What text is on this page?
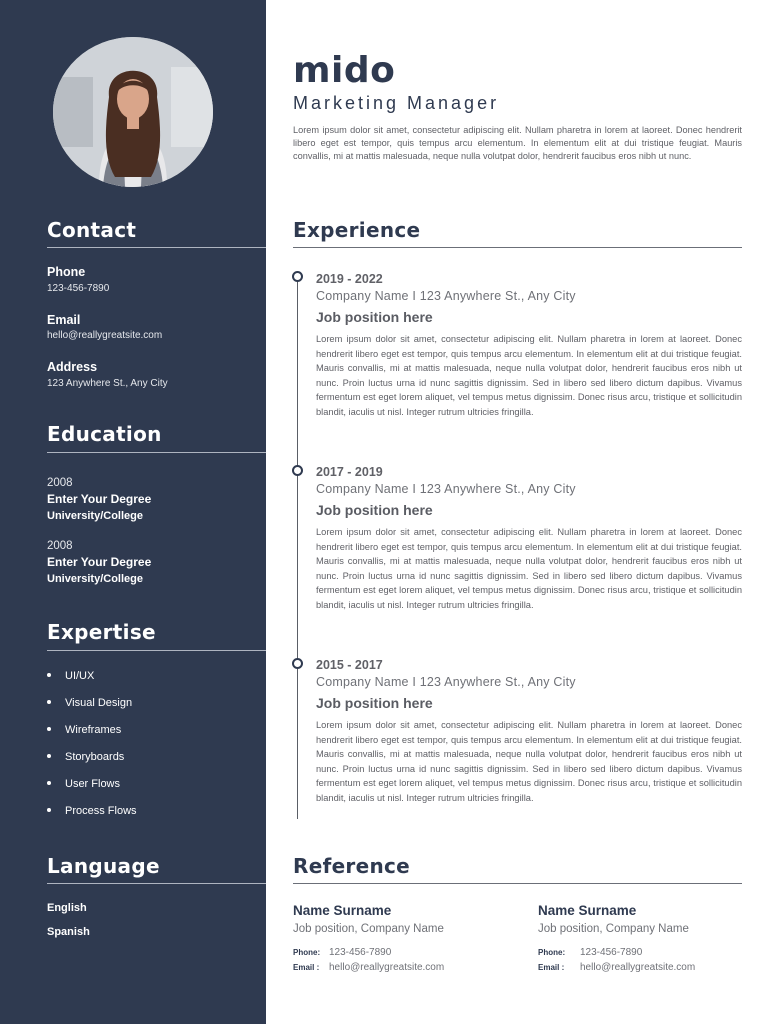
Contact
Phone
123-456-7890
Email
hello@reallygreatsite.com
Address
123 Anywhere St., Any City
Education
2008
Enter Your Degree
University/College
2008
Enter Your Degree
University/College
Expertise
UI/UX
Visual Design
Wireframes
Storyboards
User Flows
Process Flows
Language
English
Spanish
mido
Marketing Manager
Lorem ipsum dolor sit amet, consectetur adipiscing elit. Nullam pharetra in lorem at laoreet. Donec hendrerit libero eget est tempor, quis tempus arcu elementum. In elementum elit at dui tristique feugiat. Mauris convallis, mi at mattis malesuada, neque nulla volutpat dolor, hendrerit faucibus eros nibh ut nunc.
Experience
2019 - 2022
Company Name I 123 Anywhere St., Any City
Job position here
Lorem ipsum dolor sit amet, consectetur adipiscing elit. Nullam pharetra in lorem at laoreet. Donec hendrerit libero eget est tempor, quis tempus arcu elementum. In elementum elit at dui tristique feugiat. Mauris convallis, mi at mattis malesuada, neque nulla volutpat dolor, hendrerit faucibus eros nibh ut nunc. Proin luctus urna id nunc sagittis dignissim. Sed in libero sed libero dictum dapibus. Vivamus fermentum est eget lorem aliquet, vel tempus metus dignissim. Donec risus arcu, tristique et sollicitudin blandit, iaculis ut nisl. Integer rutrum ultricies fringilla.
2017 - 2019
Company Name I 123 Anywhere St., Any City
Job position here
Lorem ipsum dolor sit amet, consectetur adipiscing elit. Nullam pharetra in lorem at laoreet. Donec hendrerit libero eget est tempor, quis tempus arcu elementum. In elementum elit at dui tristique feugiat. Mauris convallis, mi at mattis malesuada, neque nulla volutpat dolor, hendrerit faucibus eros nibh ut nunc. Proin luctus urna id nunc sagittis dignissim. Sed in libero sed libero dictum dapibus. Vivamus fermentum est eget lorem aliquet, vel tempus metus dignissim. Donec risus arcu, tristique et sollicitudin blandit, iaculis ut nisl. Integer rutrum ultricies fringilla.
2015 - 2017
Company Name I 123 Anywhere St., Any City
Job position here
Lorem ipsum dolor sit amet, consectetur adipiscing elit. Nullam pharetra in lorem at laoreet. Donec hendrerit libero eget est tempor, quis tempus arcu elementum. In elementum elit at dui tristique feugiat. Mauris convallis, mi at mattis malesuada, neque nulla volutpat dolor, hendrerit faucibus eros nibh ut nunc. Proin luctus urna id nunc sagittis dignissim. Sed in libero sed libero dictum dapibus. Vivamus fermentum est eget lorem aliquet, vel tempus metus dignissim. Donec risus arcu, tristique et sollicitudin blandit, iaculis ut nisl. Integer rutrum ultricies fringilla.
Reference
Name Surname
Job position, Company Name
Phone: 123-456-7890
Email : hello@reallygreatsite.com
Name Surname
Job position, Company Name
Phone: 123-456-7890
Email : hello@reallygreatsite.com
